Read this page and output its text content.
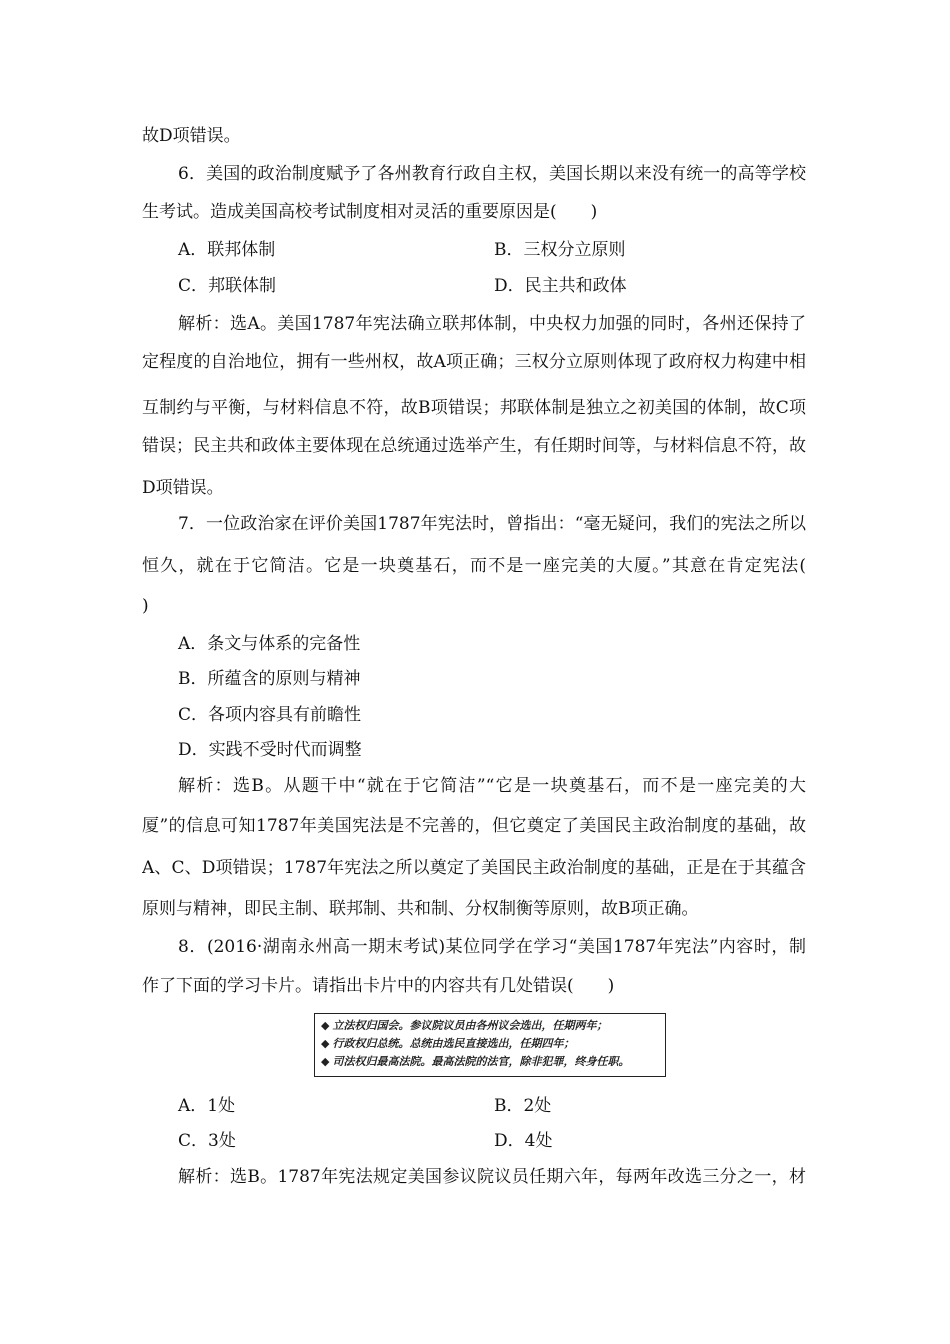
故D项错误。
6．美国的政治制度赋予了各州教育行政自主权，美国长期以来没有统一的高等学校
生考试。造成美国高校考试制度相对灵活的重要原因是(　　)
A．联邦体制	B．三权分立原则
C．邦联体制	D．民主共和政体
解析：选A。美国1787年宪法确立联邦体制，中央权力加强的同时，各州还保持了
定程度的自治地位，拥有一些州权，故A项正确；三权分立原则体现了政府权力构建中相
互制约与平衡，与材料信息不符，故B项错误；邦联体制是独立之初美国的体制，故C项
错误；民主共和政体主要体现在总统通过选举产生，有任期时间等，与材料信息不符，故
D项错误。
7．一位政治家在评价美国1787年宪法时，曾指出：“毫无疑问，我们的宪法之所以
恒久，就在于它简洁。它是一块奠基石，而不是一座完美的大厦。”其意在肯定宪法(
)
A．条文与体系的完备性
B．所蕴含的原则与精神
C．各项内容具有前瞻性
D．实践不受时代而调整
解析：选B。从题干中“就在于它简洁”“它是一块奠基石，而不是一座完美的大
厦”的信息可知1787年美国宪法是不完善的，但它奠定了美国民主政治制度的基础，故
A、C、D项错误；1787年宪法之所以奠定了美国民主政治制度的基础，正是在于其蕴含
原则与精神，即民主制、联邦制、共和制、分权制衡等原则，故B项正确。
8．(2016·湖南永州高一期末考试)某位同学在学习“美国1787年宪法”内容时，制
作了下面的学习卡片。请指出卡片中的内容共有几处错误(　　)
◆ 立法权归国会。参议院议员由各州议会选出，任期两年；
◆ 行政权归总统。总统由选民直接选出，任期四年；
◆ 司法权归最高法院。最高法院的法官，除非犯罪，终身任职。
A．1处	B．2处
C．3处	D．4处
解析：选B。1787年宪法规定美国参议院议员任期六年，每两年改选三分之一，材
